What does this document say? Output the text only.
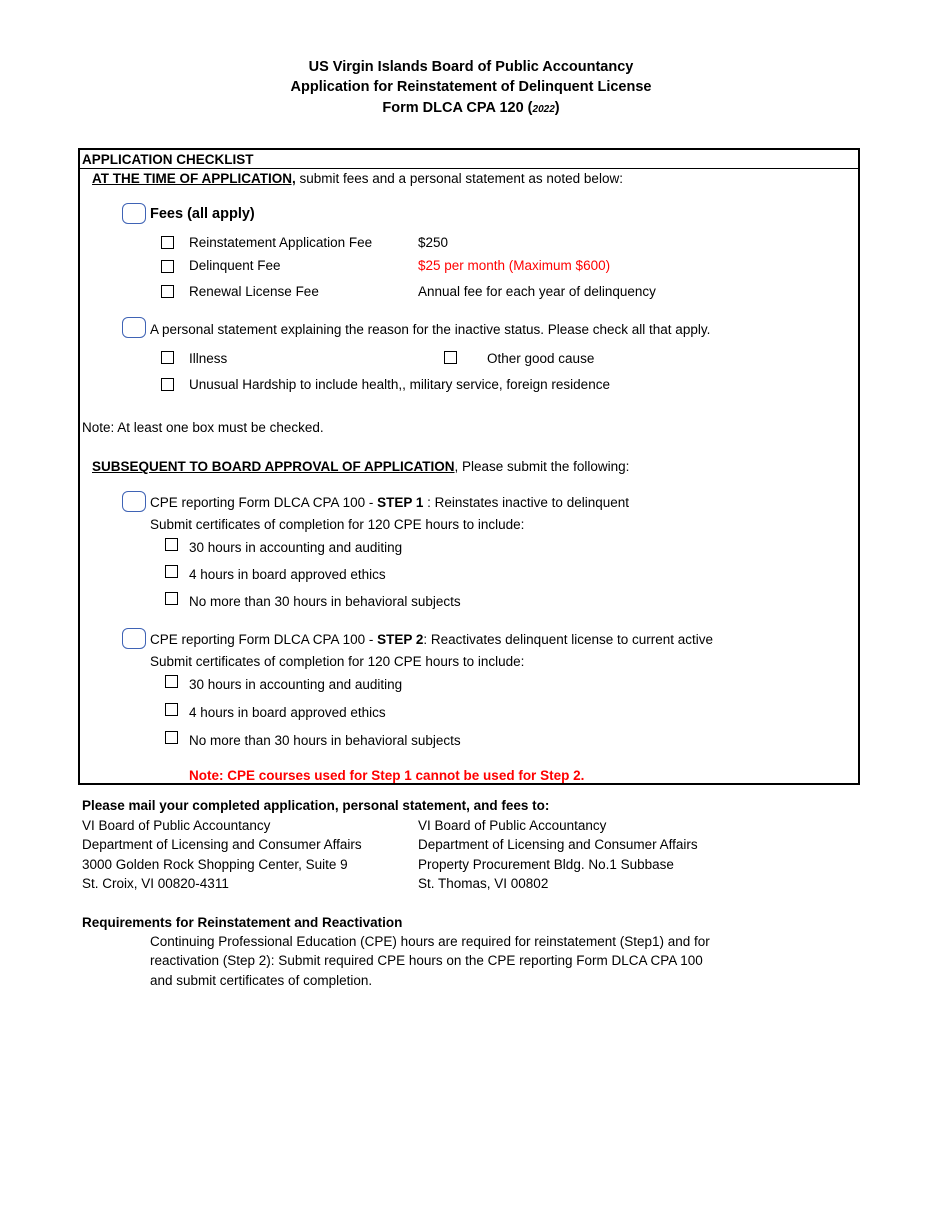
US Virgin Islands Board of Public Accountancy
Application for Reinstatement of Delinquent License
Form DLCA CPA 120 (2022)
APPLICATION CHECKLIST
AT THE TIME OF APPLICATION, submit fees and a personal statement as noted below:
Fees (all apply)
Reinstatement Application Fee	$250
Delinquent Fee	$25 per month (Maximum $600)
Renewal License Fee	Annual fee for each year of delinquency
A personal statement explaining the reason for the inactive status. Please check all that apply.
Illness	Other good cause
Unusual Hardship to include health,, military service, foreign residence
Note: At least one box must be checked.
SUBSEQUENT TO BOARD APPROVAL OF APPLICATION, Please submit the following:
CPE reporting Form DLCA CPA 100 - STEP 1 : Reinstates inactive to delinquent
Submit certificates of completion for 120 CPE hours to include:
30 hours in accounting and auditing
4 hours in board approved ethics
No more than 30 hours in behavioral subjects
CPE reporting Form DLCA CPA 100 - STEP 2: Reactivates delinquent license to current active
Submit certificates of completion for 120 CPE hours to include:
30 hours in accounting and auditing
4 hours in board approved ethics
No more than 30 hours in behavioral subjects
Note: CPE courses used for Step 1 cannot be used for Step 2.
Please mail your completed application, personal statement, and fees to:
VI Board of Public Accountancy
Department of Licensing and Consumer Affairs
3000 Golden Rock Shopping Center, Suite 9
St. Croix, VI 00820-4311
VI Board of Public Accountancy
Department of Licensing and Consumer Affairs
Property Procurement Bldg. No.1 Subbase
St. Thomas, VI 00802
Requirements for Reinstatement and Reactivation
Continuing Professional Education (CPE) hours are required for reinstatement (Step1) and for
reactivation (Step 2): Submit required CPE hours on the CPE reporting Form DLCA CPA 100
and submit certificates of completion.
